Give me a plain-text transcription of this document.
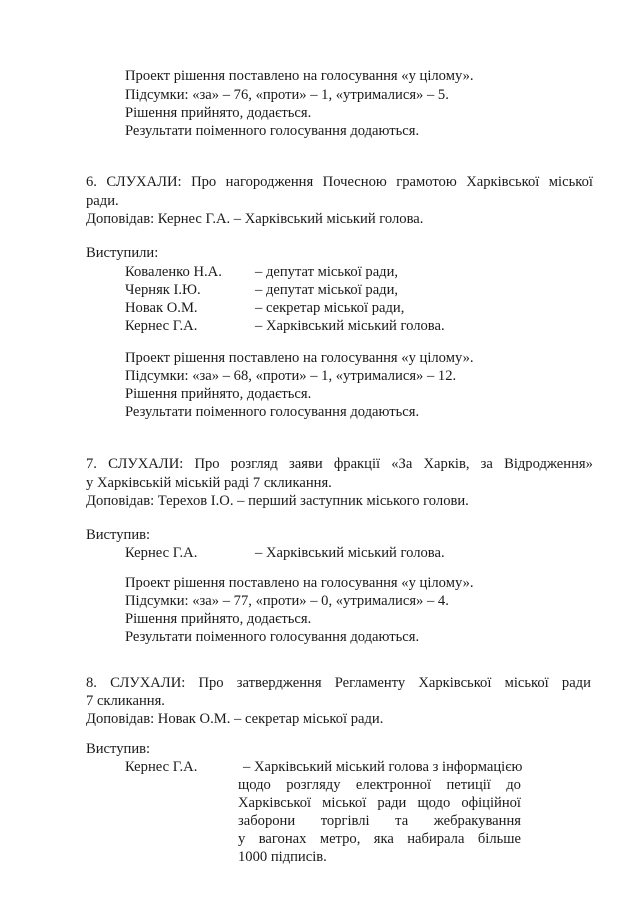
Проект рішення поставлено на голосування «у цілому».
Підсумки: «за» – 76, «проти» – 1, «утрималися» – 5.
Рішення прийнято, додається.
Результати поіменного голосування додаються.
6. СЛУХАЛИ: Про нагородження Почесною грамотою Харківської міської
ради.
Доповідав: Кернес Г.А. – Харківський міський голова.
Виступили:
Коваленко Н.А. – депутат міської ради,
Черняк І.Ю.	– депутат міської ради,
Новак О.М.	– секретар міської ради,
Кернес Г.А.	– Харківський міський голова.
Проект рішення поставлено на голосування «у цілому».
Підсумки: «за» – 68, «проти» – 1, «утрималися» – 12.
Рішення прийнято, додається.
Результати поіменного голосування додаються.
7. СЛУХАЛИ: Про розгляд заяви фракції «За Харків, за Відродження»
у Харківській міській раді 7 скликання.
Доповідав: Терехов І.О. – перший заступник міського голови.
Виступив:
Кернес Г.А.	– Харківський міський голова.
Проект рішення поставлено на голосування «у цілому».
Підсумки: «за» – 77, «проти» – 0, «утрималися» – 4.
Рішення прийнято, додається.
Результати поіменного голосування додаються.
8. СЛУХАЛИ: Про затвердження Регламенту Харківської міської ради
7 скликання.
Доповідав: Новак О.М. – секретар міської ради.
Виступив:
Кернес Г.А.	– Харківський міський голова з інформацією
щодо розгляду електронної петиції до
Харківської міської ради щодо офіційної
заборони торгівлі та жебракування
у вагонах метро, яка набирала більше
1000 підписів.
